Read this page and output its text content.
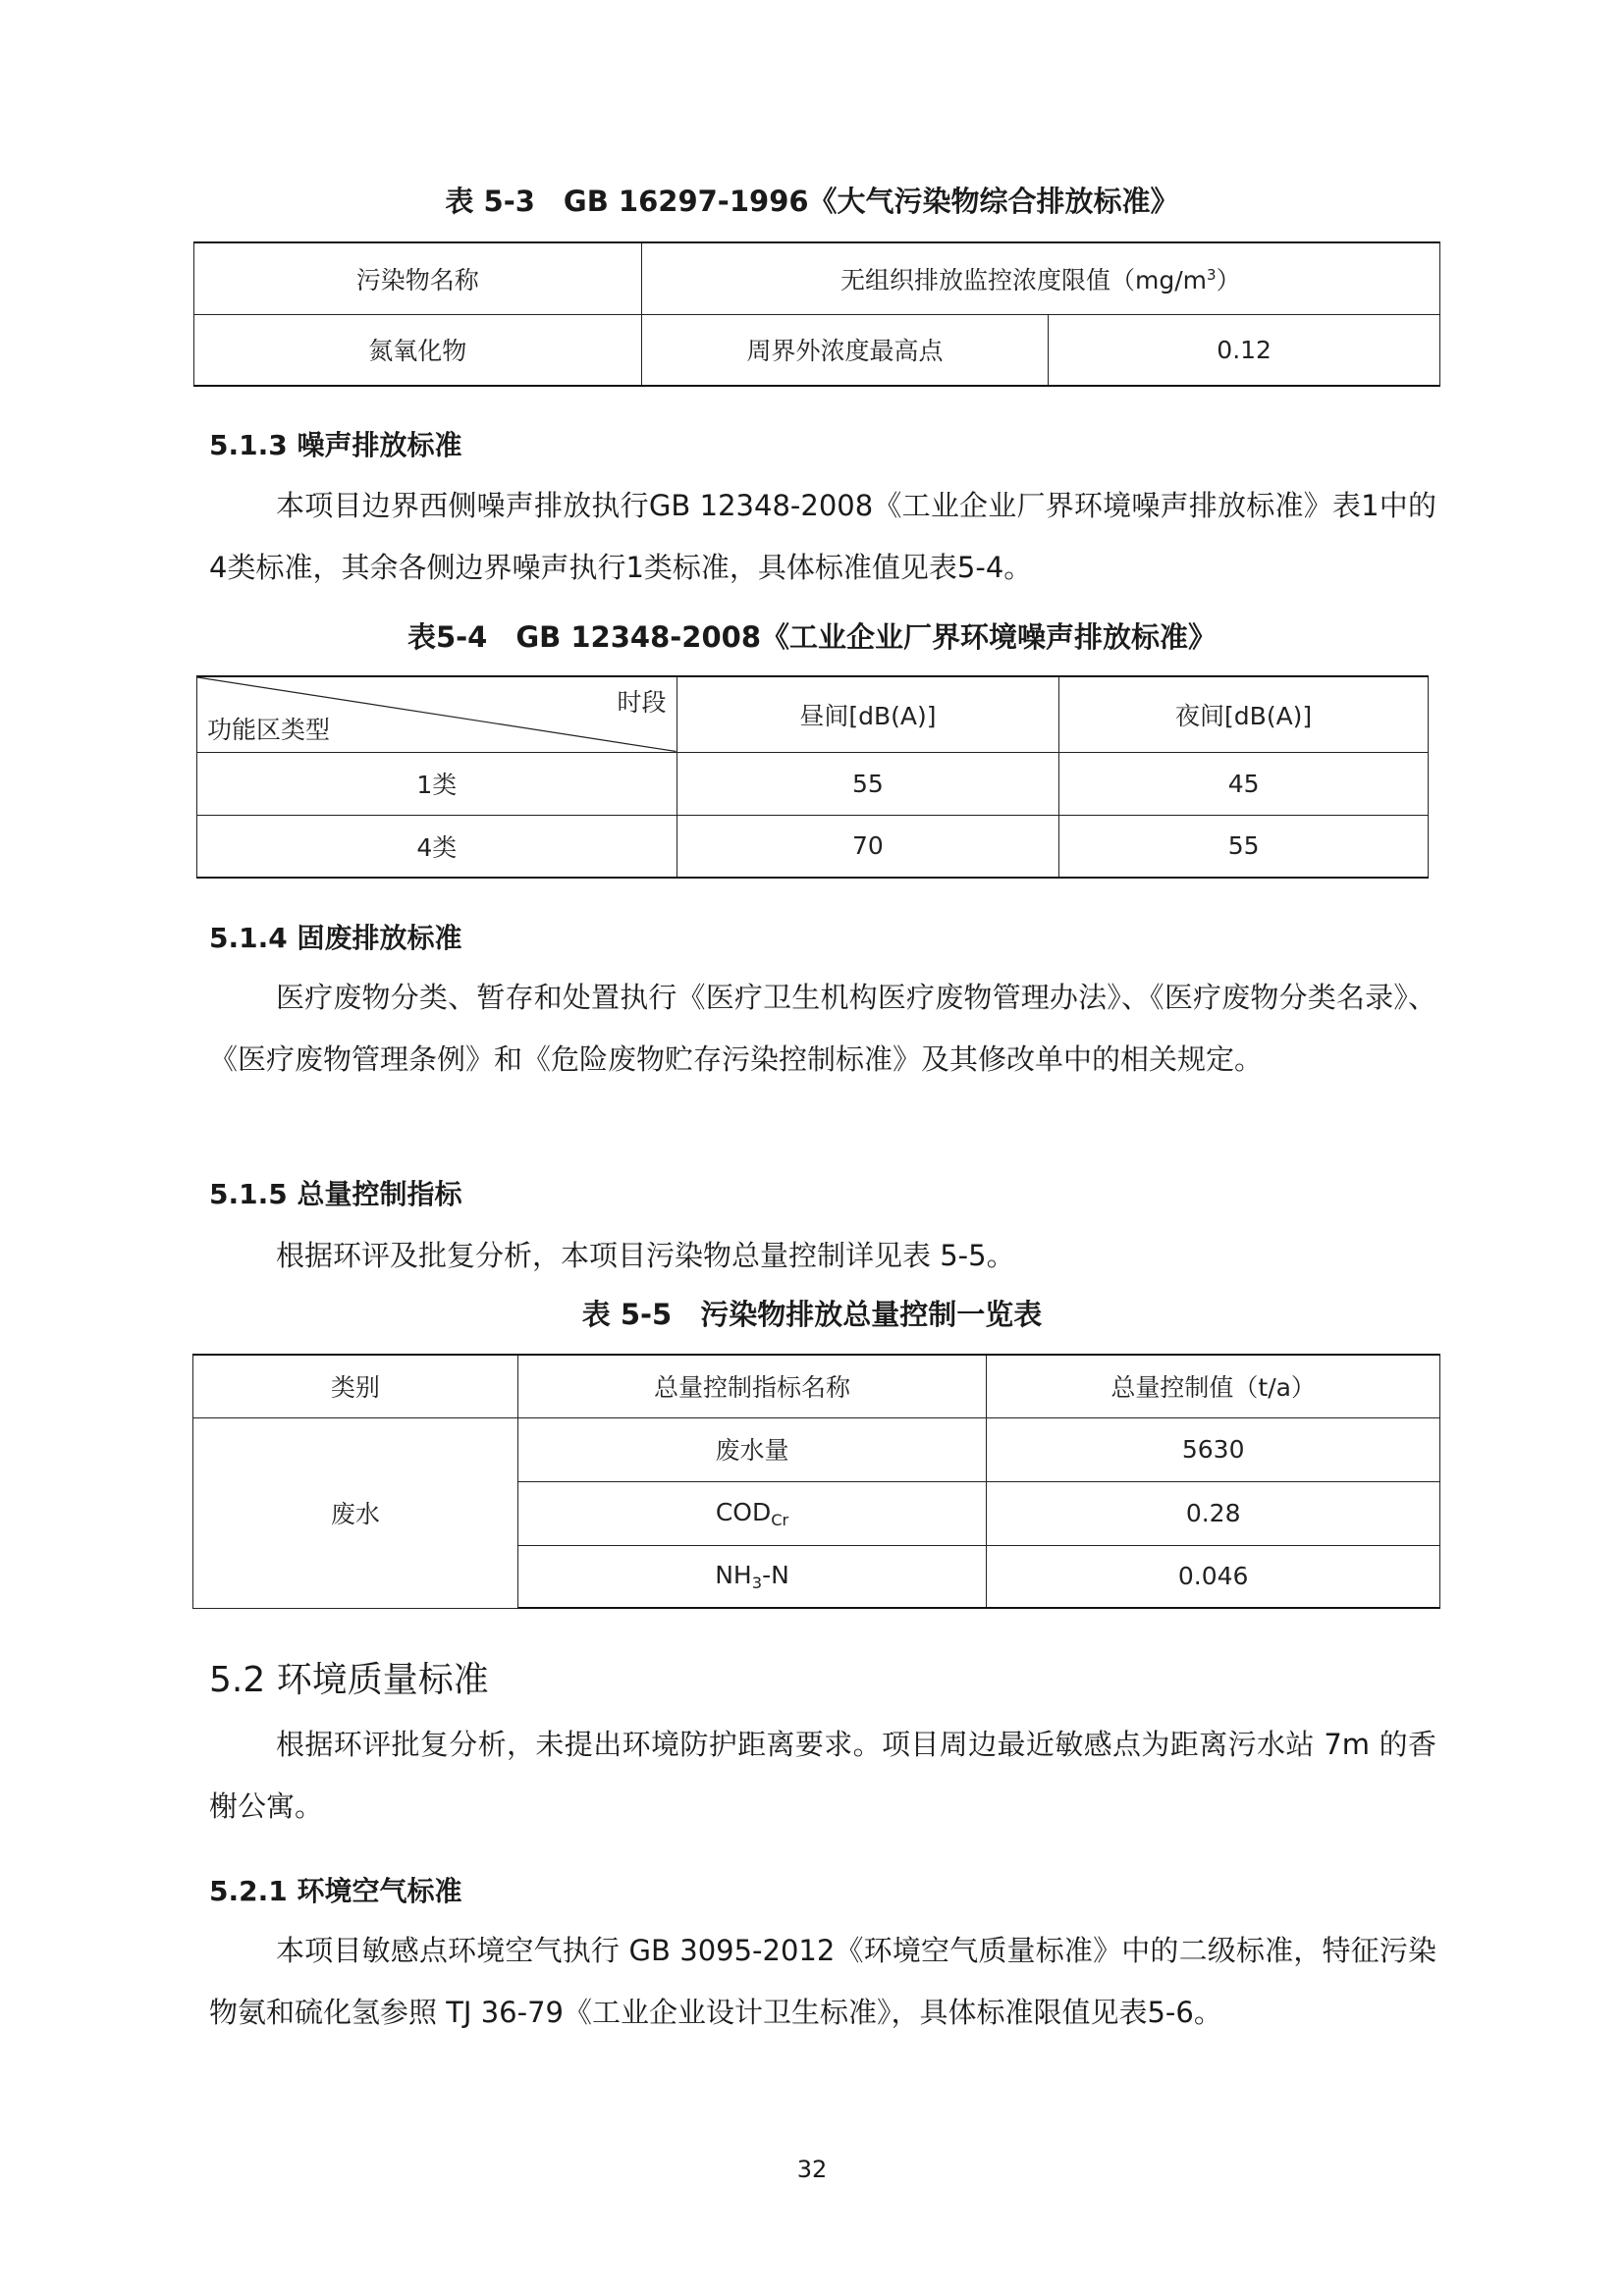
表 5-3　GB 16297-1996《大气污染物综合排放标准》
污染物名称	无组织排放监控浓度限值$(mg/m^3)$	
氮氧化物	周界外浓度最高点	0.12
5.1.3 噪声排放标准
本项目边界西侧噪声排放执行GB 12348-2008《工业企业厂界环境噪声排放标准》表1中的4类标准，其余各侧边界噪声执行1类标准，具体标准值见表5-4。
表5-4　GB 12348-2008《工业企业厂界环境噪声排放标准》
时段
功能区类型	昼间[dB(A)]	夜间[dB(A)]
1类	55	45
4类	70	55
5.1.4 固废排放标准
医疗废物分类、暂存和处置执行《医疗卫生机构医疗废物管理办法》、《医疗废物分类名录》、《医疗废物管理条例》和《危险废物贮存污染控制标准》及其修改单中的相关规定。
5.1.5 总量控制指标
根据环评及批复分析，本项目污染物总量控制详见表 5-5。
表 5-5　污染物排放总量控制一览表
类别	总量控制指标名称	总量控制值（t/a）
废水	废水量	5630
	$COD_{Cr}$	0.28
	$NH_3-N$	0.046
5.2 环境质量标准
根据环评批复分析，未提出环境防护距离要求。项目周边最近敏感点为距离污水站 7m 的香榭公寓。
5.2.1 环境空气标准
本项目敏感点环境空气执行 GB 3095-2012《环境空气质量标准》中的二级标准，特征污染物氨和硫化氢参照 TJ 36-79《工业企业设计卫生标准》，具体标准限值见表5-6。
32
